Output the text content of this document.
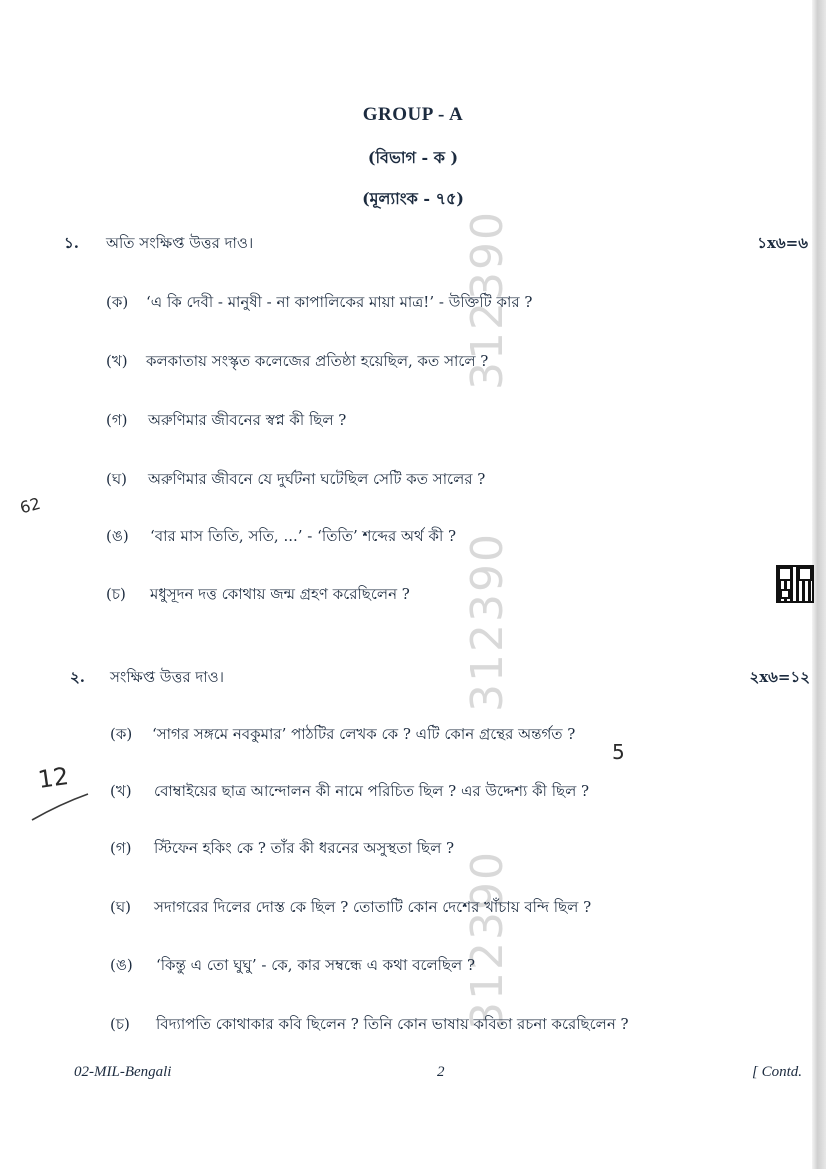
312390
312390
312390
GROUP - A
(বিভাগ - ক )
(মূল্যাংক - ৭৫)
১. অতি সংক্ষিপ্ত উত্তর দাও।	১x৬=৬
(ক) ‘এ কি দেবী - মানুষী - না কাপালিকের মায়া মাত্র!’ - উক্তিটি কার ?
(খ) কলকাতায় সংস্কৃত কলেজের প্রতিষ্ঠা হয়েছিল, কত সালে ?
(গ) অরুণিমার জীবনের স্বপ্ন কী ছিল ?
(ঘ) অরুণিমার জীবনে যে দুর্ঘটনা ঘটেছিল সেটি কত সালের ?
(ঙ) ‘বার মাস তিতি, সতি, ...’ - ‘তিতি’ শব্দের অর্থ কী ?
(চ) মধুসূদন দত্ত কোথায় জন্ম গ্রহণ করেছিলেন ?
২. সংক্ষিপ্ত উত্তর দাও।	২x৬=১২
(ক) ‘সাগর সঙ্গমে নবকুমার’ পাঠটির লেখক কে ? এটি কোন গ্রন্থের অন্তর্গত ?
(খ) বোম্বাইয়ের ছাত্র আন্দোলন কী নামে পরিচিত ছিল ? এর উদ্দেশ্য কী ছিল ?
(গ) স্টিফেন হকিং কে ? তাঁর কী ধরনের অসুস্থতা ছিল ?
(ঘ) সদাগরের দিলের দোস্ত কে ছিল ? তোতাটি কোন দেশের খাঁচায় বন্দি ছিল ?
(ঙ) ‘কিন্তু এ তো ঘুঘু’ - কে, কার সম্বন্ধে এ কথা বলেছিল ?
(চ) বিদ্যাপতি কোথাকার কবি ছিলেন ? তিনি কোন ভাষায় কবিতা রচনা করেছিলেন ?
62
12
5
02-MIL-Bengali	2	[ Contd.
